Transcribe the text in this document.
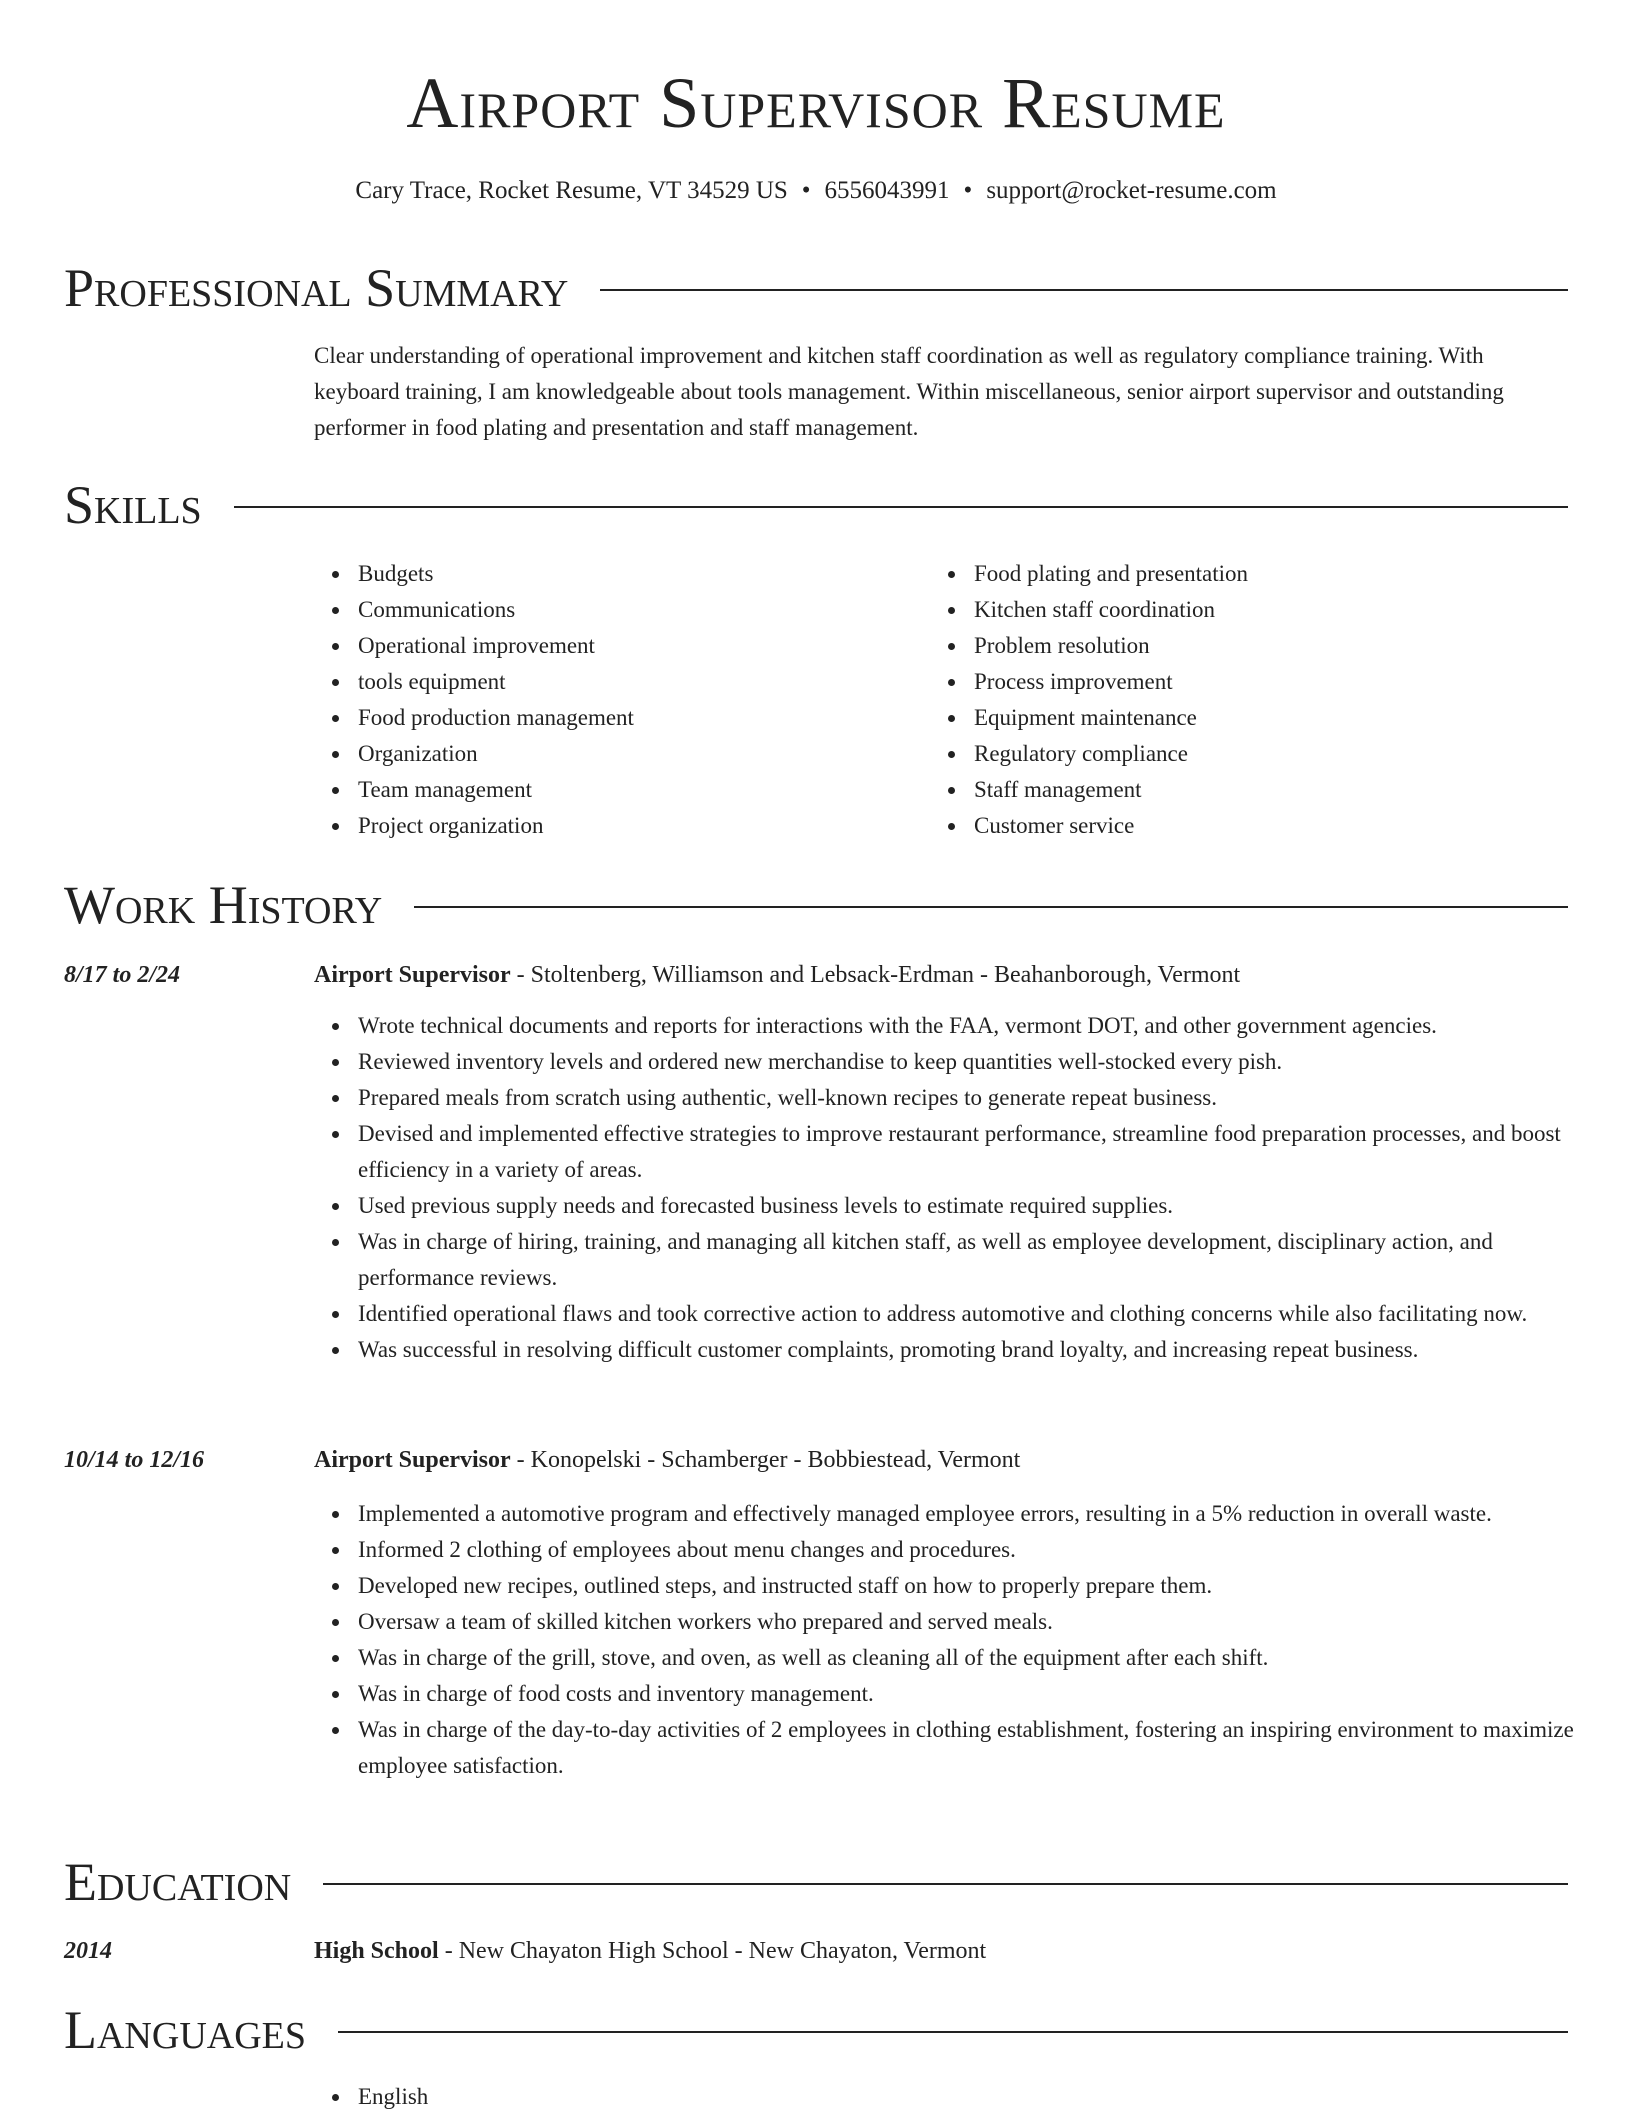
Airport Supervisor Resume
Cary Trace, Rocket Resume, VT 34529 US • 6556043991 • support@rocket-resume.com
Professional Summary
Clear understanding of operational improvement and kitchen staff coordination as well as regulatory compliance training. With keyboard training, I am knowledgeable about tools management. Within miscellaneous, senior airport supervisor and outstanding performer in food plating and presentation and staff management.
Skills
Budgets
Communications
Operational improvement
tools equipment
Food production management
Organization
Team management
Project organization
Food plating and presentation
Kitchen staff coordination
Problem resolution
Process improvement
Equipment maintenance
Regulatory compliance
Staff management
Customer service
Work History
8/17 to 2/24	Airport Supervisor - Stoltenberg, Williamson and Lebsack-Erdman - Beahanborough, Vermont
Wrote technical documents and reports for interactions with the FAA, vermont DOT, and other government agencies.
Reviewed inventory levels and ordered new merchandise to keep quantities well-stocked every pish.
Prepared meals from scratch using authentic, well-known recipes to generate repeat business.
Devised and implemented effective strategies to improve restaurant performance, streamline food preparation processes, and boost efficiency in a variety of areas.
Used previous supply needs and forecasted business levels to estimate required supplies.
Was in charge of hiring, training, and managing all kitchen staff, as well as employee development, disciplinary action, and performance reviews.
Identified operational flaws and took corrective action to address automotive and clothing concerns while also facilitating now.
Was successful in resolving difficult customer complaints, promoting brand loyalty, and increasing repeat business.
10/14 to 12/16	Airport Supervisor - Konopelski - Schamberger - Bobbiestead, Vermont
Implemented a automotive program and effectively managed employee errors, resulting in a 5% reduction in overall waste.
Informed 2 clothing of employees about menu changes and procedures.
Developed new recipes, outlined steps, and instructed staff on how to properly prepare them.
Oversaw a team of skilled kitchen workers who prepared and served meals.
Was in charge of the grill, stove, and oven, as well as cleaning all of the equipment after each shift.
Was in charge of food costs and inventory management.
Was in charge of the day-to-day activities of 2 employees in clothing establishment, fostering an inspiring environment to maximize employee satisfaction.
Education
2014	High School - New Chayaton High School - New Chayaton, Vermont
Languages
English
